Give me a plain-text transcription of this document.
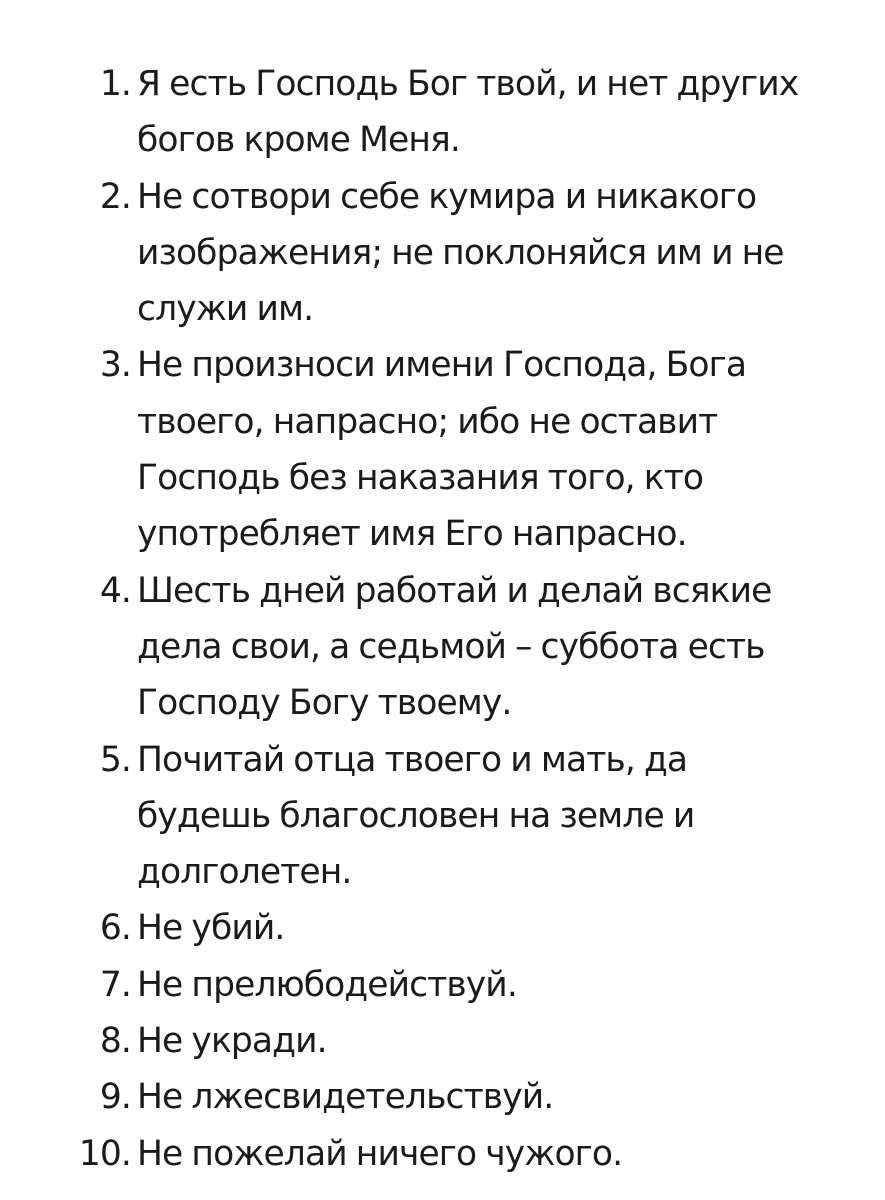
1. Я есть Господь Бог твой, и нет других
богов кроме Меня.
2. Не сотвори себе кумира и никакого
изображения; не поклоняйся им и не
служи им.
3. Не произноси имени Господа, Бога
твоего, напрасно; ибо не оставит
Господь без наказания того, кто
употребляет имя Его напрасно.
4. Шесть дней работай и делай всякие
дела свои, а седьмой – суббота есть
Господу Богу твоему.
5. Почитай отца твоего и мать, да
будешь благословен на земле и
долголетен.
6. Не убий.
7. Не прелюбодействуй.
8. Не укради.
9. Не лжесвидетельствуй.
10. Не пожелай ничего чужого.
